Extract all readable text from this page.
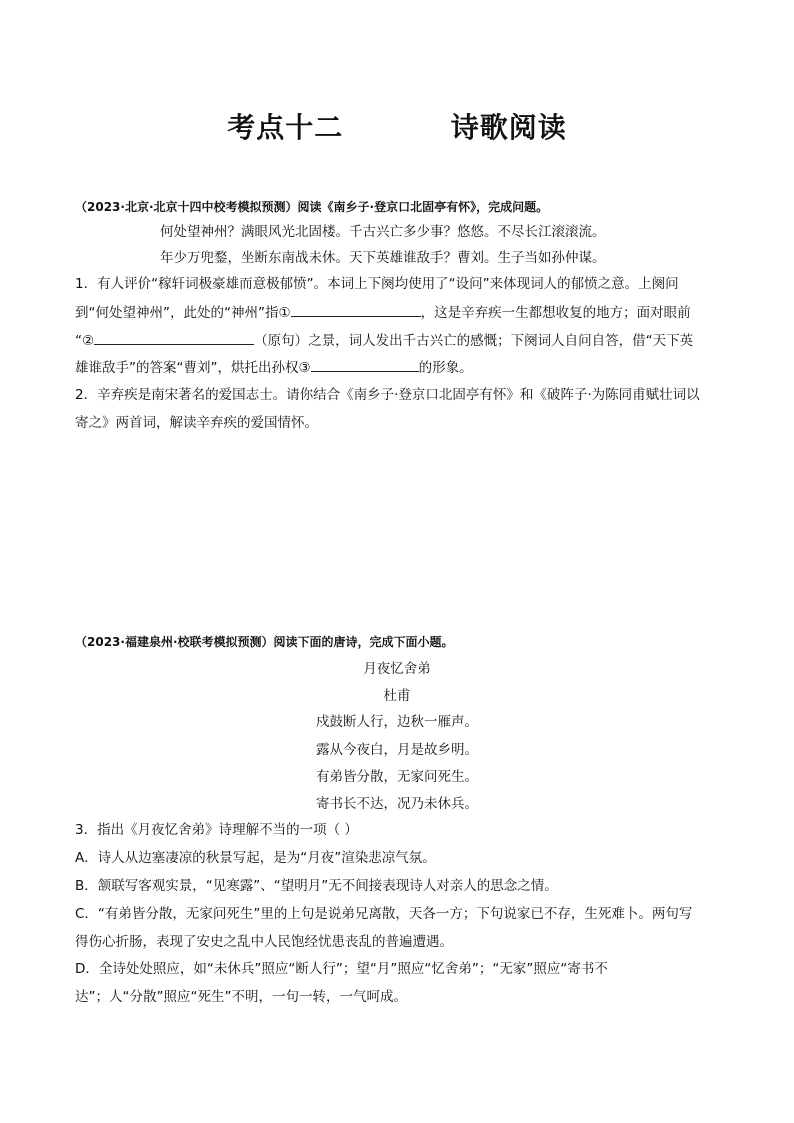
考点十二          诗歌阅读
（2023·北京·北京十四中校考模拟预测）阅读《南乡子·登京口北固亭有怀》，完成问题。
何处望神州？满眼风光北固楼。千古兴亡多少事？悠悠。不尽长江滚滚流。
年少万兜鍪，坐断东南战未休。天下英雄谁敌手？曹刘。生子当如孙仲谋。
1．有人评价“稼轩词极豪雄而意极郁愤”。本词上下阕均使用了“设问”来体现词人的郁愤之意。上阕问
到“何处望神州”，此处的“神州”指①	，这是辛弃疾一生都想收复的地方；面对眼前
“②	（原句）之景，词人发出千古兴亡的感慨；下阕词人自问自答，借“天下英
雄谁敌手”的答案“曹刘”，烘托出孙权③	的形象。
2．辛弃疾是南宋著名的爱国志士。请你结合《南乡子·登京口北固亭有怀》和《破阵子·为陈同甫赋壮词以
寄之》两首词，解读辛弃疾的爱国情怀。
（2023·福建泉州·校联考模拟预测）阅读下面的唐诗，完成下面小题。
月夜忆舍弟
杜甫
戍鼓断人行，边秋一雁声。
露从今夜白，月是故乡明。
有弟皆分散，无家问死生。
寄书长不达，况乃未休兵。
3．指出《月夜忆舍弟》诗理解不当的一项（ ）
A．诗人从边塞凄凉的秋景写起，是为“月夜”渲染悲凉气氛。
B．颔联写客观实景，“见寒露”、“望明月”无不间接表现诗人对亲人的思念之情。
C．“有弟皆分散，无家问死生”里的上句是说弟兄离散，天各一方；下句说家已不存，生死难卜。两句写
得伤心折肠，表现了安史之乱中人民饱经忧患丧乱的普遍遭遇。
D．全诗处处照应，如“未休兵”照应“断人行”；望“月”照应“忆舍弟”；“无家”照应“寄书不
达”；人“分散”照应“死生”不明，一句一转，一气呵成。
